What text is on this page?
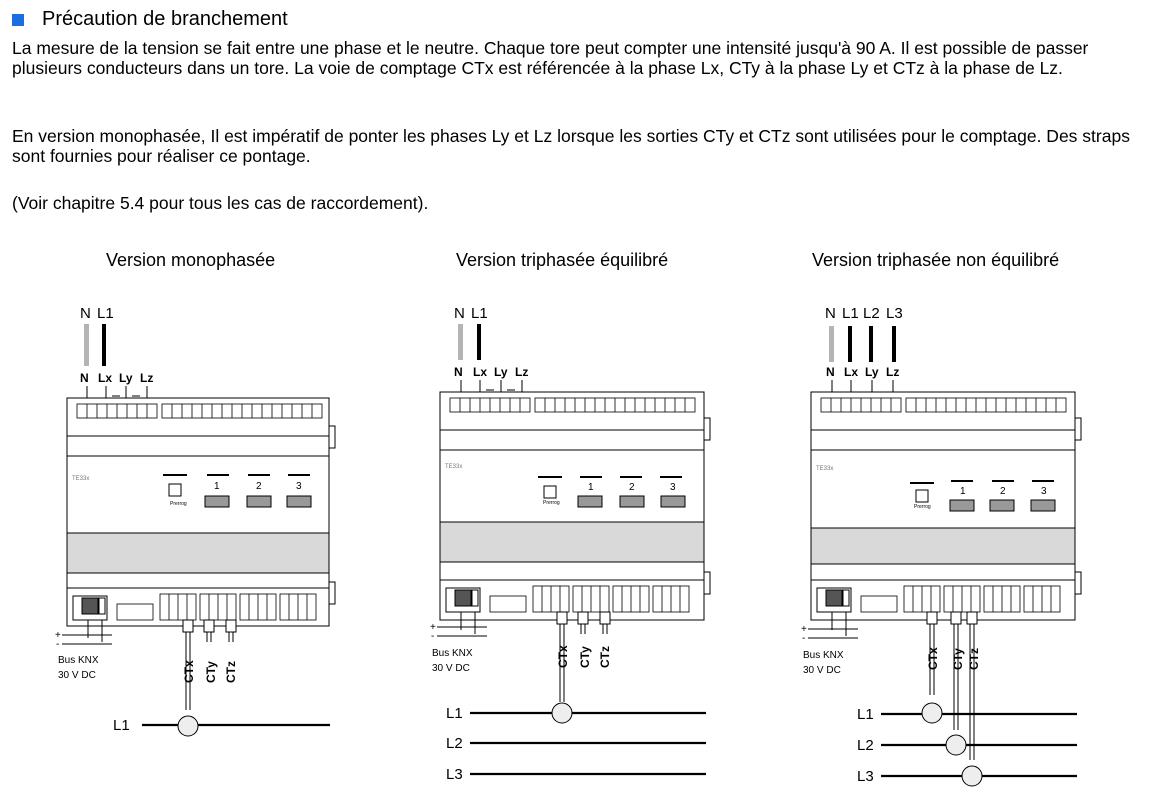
Précaution de branchement
La mesure de la tension se fait entre une phase et le neutre. Chaque tore peut compter une intensité jusqu'à 90 A. Il est possible de passer plusieurs conducteurs dans un tore. La voie de comptage CTx est référencée à la phase Lx, CTy à la phase Ly et CTz à la phase de Lz.
En version monophasée, Il est impératif de ponter les phases Ly et Lz lorsque les sorties CTy et CTz sont utilisées pour le comptage. Des straps sont fournies pour réaliser ce pontage.
(Voir chapitre 5.4 pour tous les cas de raccordement).
Version monophasée	Version triphasée équilibré	Version triphasée non équilibré
N L1
N Lx Ly Lz
TE33x
Prerrog
1	2	3
+
-
Bus KNX
30 V DC	CTx CTy CTz
L1
N L1
N Lx Ly Lz
TE33x
Prerrog
1	2	3
+
-
Bus KNX
30 V DC
CTx CTy CTz
L1
L2
L3
N L1 L2 L3
N Lx Ly Lz
TE33x
Prerrog
1	2	3
+
-
Bus KNX
30 V DC
CTx CTy CTz
L1
L2
L3
